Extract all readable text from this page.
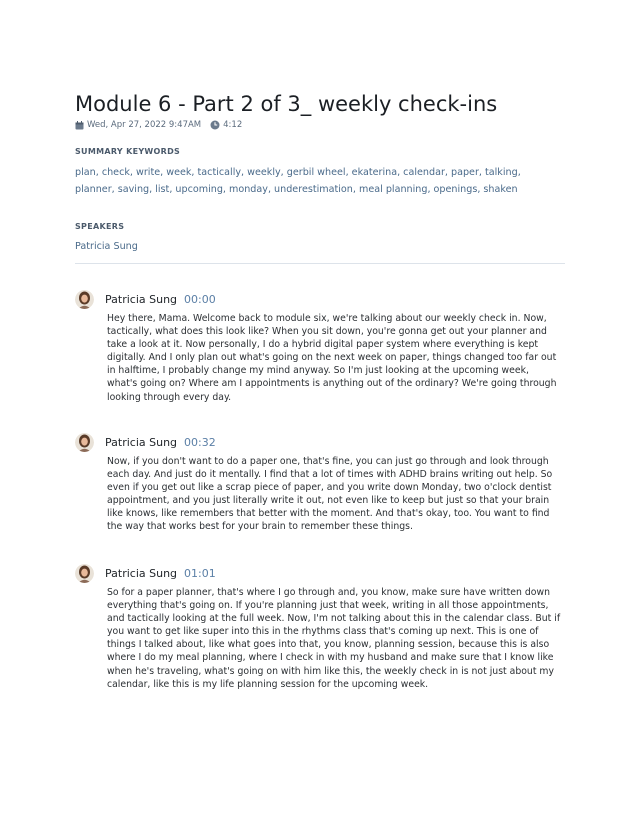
Module 6 - Part 2 of 3_ weekly check-ins
Wed, Apr 27, 2022 9:47AM	4:12
SUMMARY KEYWORDS
plan, check, write, week, tactically, weekly, gerbil wheel, ekaterina, calendar, paper, talking, planner, saving, list, upcoming, monday, underestimation, meal planning, openings, shaken
SPEAKERS
Patricia Sung
Patricia Sung 00:00
Hey there, Mama. Welcome back to module six, we're talking about our weekly check in. Now, tactically, what does this look like? When you sit down, you're gonna get out your planner and take a look at it. Now personally, I do a hybrid digital paper system where everything is kept digitally. And I only plan out what's going on the next week on paper, things changed too far out in halftime, I probably change my mind anyway. So I'm just looking at the upcoming week, what's going on? Where am I appointments is anything out of the ordinary? We're going through looking through every day.
Patricia Sung 00:32
Now, if you don't want to do a paper one, that's fine, you can just go through and look through each day. And just do it mentally. I find that a lot of times with ADHD brains writing out help. So even if you get out like a scrap piece of paper, and you write down Monday, two o'clock dentist appointment, and you just literally write it out, not even like to keep but just so that your brain like knows, like remembers that better with the moment. And that's okay, too. You want to find the way that works best for your brain to remember these things.
Patricia Sung 01:01
So for a paper planner, that's where I go through and, you know, make sure have written down everything that's going on. If you're planning just that week, writing in all those appointments, and tactically looking at the full week. Now, I'm not talking about this in the calendar class. But if you want to get like super into this in the rhythms class that's coming up next. This is one of things I talked about, like what goes into that, you know, planning session, because this is also where I do my meal planning, where I check in with my husband and make sure that I know like when he's traveling, what's going on with him like this, the weekly check in is not just about my calendar, like this is my life planning session for the upcoming week.
